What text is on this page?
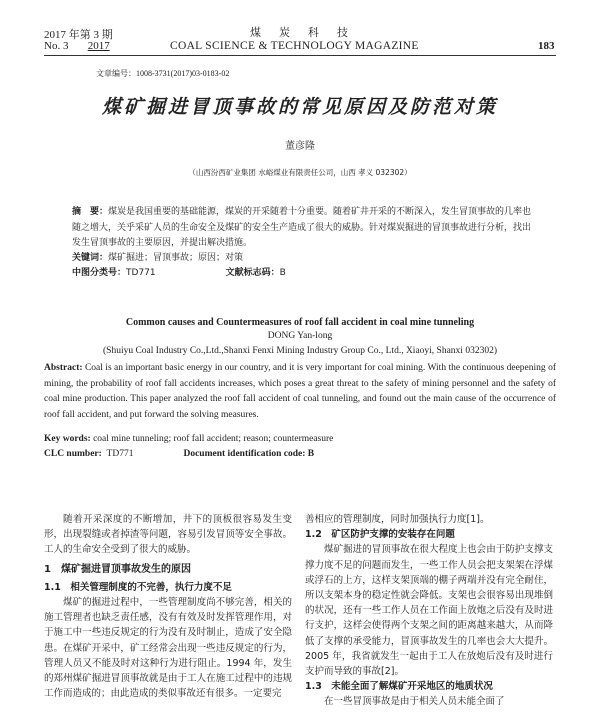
2017 年第 3 期	煤炭科技
No. 3 2017	COAL SCIENCE & TECHNOLOGY MAGAZINE	183
文章编号：1008-3731(2017)03-0183-02
煤矿掘进冒顶事故的常见原因及防范对策
董彦隆
（山西汾西矿业集团 水峪煤业有限责任公司，山西 孝义 032302）
摘　要：煤炭是我国重要的基础能源，煤炭的开采随着十分重要。随着矿井开采的不断深入，发生冒顶事故的几率也随之增大，关乎采矿人员的生命安全及煤矿的安全生产造成了很大的威胁。针对煤炭掘进的冒顶事故进行分析，找出发生冒顶事故的主要原因，并提出解决措施。
关键词：煤矿掘进；冒顶事故；原因；对策
中图分类号：TD771	文献标志码：B
Common causes and Countermeasures of roof fall accident in coal mine tunneling
DONG Yan-long
(Shuiyu Coal Industry Co.,Ltd.,Shanxi Fenxi Mining Industry Group Co., Ltd., Xiaoyi, Shanxi 032302)
Abstract: Coal is an important basic energy in our country, and it is very important for coal mining. With the continuous deepening of mining, the probability of roof fall accidents increases, which poses a great threat to the safety of mining personnel and the safety of coal mine production. This paper analyzed the roof fall accident of coal tunneling, and found out the main cause of the occurrence of roof fall accident, and put forward the solving measures.
Key words: coal mine tunneling; roof fall accident; reason; countermeasure
CLC number: TD771	Document identification code: B

随着开采深度的不断增加，井下的顶板很容易发生变形，出现裂缝或者掉渣等问题，容易引发冒顶等安全事故。工人的生命安全受到了很大的威胁。

1　煤矿掘进冒顶事故发生的原因

1.1　相关管理制度的不完善，执行力度不足

煤矿的掘进过程中，一些管理制度尚不够完善，相关的施工管理者也缺乏责任感，没有有效及时发挥管理作用，对于施工中一些违反规定的行为没有及时制止，造成了安全隐患。在煤矿开采中，矿工经常会出现一些违反规定的行为，管理人员又不能及时对这种行为进行阻止。1994 年，发生的郑州煤矿掘进冒顶事故就是由于工人在施工过程中的违规工作而造成的；由此造成的类似事故还有很多。一定要完

善相应的管理制度，同时加强执行力度[1]。

1.2　矿区防护支撑的安装存在问题

煤矿掘进的冒顶事故在很大程度上也会由于防护支撑支撑力度不足的问题而发生，一些工作人员会把支架架在浮煤或浮石的上方，这样支架顶端的棚子两端并没有完全耐住，所以支架本身的稳定性就会降低。支架也会很容易出现堆倒的状况，还有一些工作人员在工作面上放炮之后没有及时进行支护，这样会使得两个支架之间的距离越来越大，从而降低了支撑的承受能力，冒顶事故发生的几率也会大大提升。2005 年，我省就发生一起由于工人在放炮后没有及时进行支护而导致的事故[2]。

1.3　未能全面了解煤矿开采地区的地质状况

在一些冒顶事故是由于相关人员未能全面了
